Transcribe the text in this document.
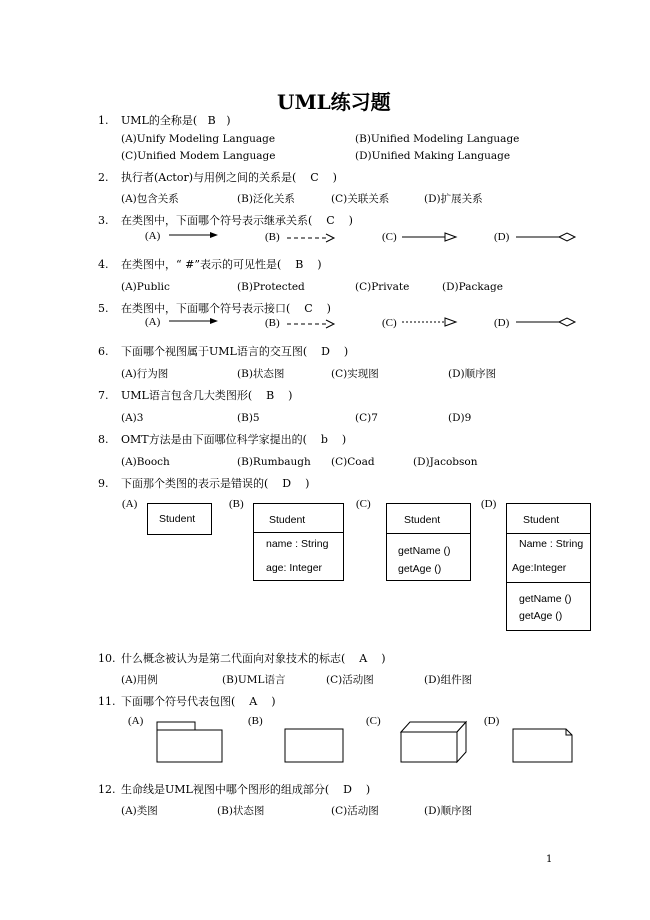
UML练习题
1. UML的全称是(   B   )
(A)Unify Modeling Language	(B)Unified Modeling Language
(C)Unified Modem Language	(D)Unified Making Language
2. 执行者(Actor)与用例之间的关系是(    C    )
(A)包含关系	(B)泛化关系	(C)关联关系	(D)扩展关系
3. 在类图中，下面哪个符号表示继承关系(    C    )
(A)	(B)	(C)	(D)
4. 在类图中，“ #”表示的可见性是(    B    )
(A)Public	(B)Protected	(C)Private	(D)Package
5. 在类图中，下面哪个符号表示接口(    C    )
(A)	(B)	(C)	(D)
6. 下面哪个视图属于UML语言的交互图(    D    )
(A)行为图	(B)状态图	(C)实现图	(D)顺序图
7. UML语言包含几大类图形(    B    )
(A)3	(B)5	(C)7	(D)9
8. OMT方法是由下面哪位科学家提出的(    b    )
(A)Booch	(B)Rumbaugh (C)Coad	(D)Jacobson
9. 下面那个类图的表示是错误的(    D    )
(A)	(B)	(C)	(D)
Student	Student
name : String
age: Integer
Student
getName ()
getAge ()
Student
Name : String
Age:Integer
getName ()
getAge ()
10. 什么概念被认为是第二代面向对象技术的标志(    A    )
(A)用例	(B)UML语言	(C)活动图	(D)组件图
11. 下面哪个符号代表包图(    A    )
(A)	(B)	(C)	(D)
12. 生命线是UML视图中哪个图形的组成部分(    D    )
(A)类图	(B)状态图	(C)活动图	(D)顺序图
1
